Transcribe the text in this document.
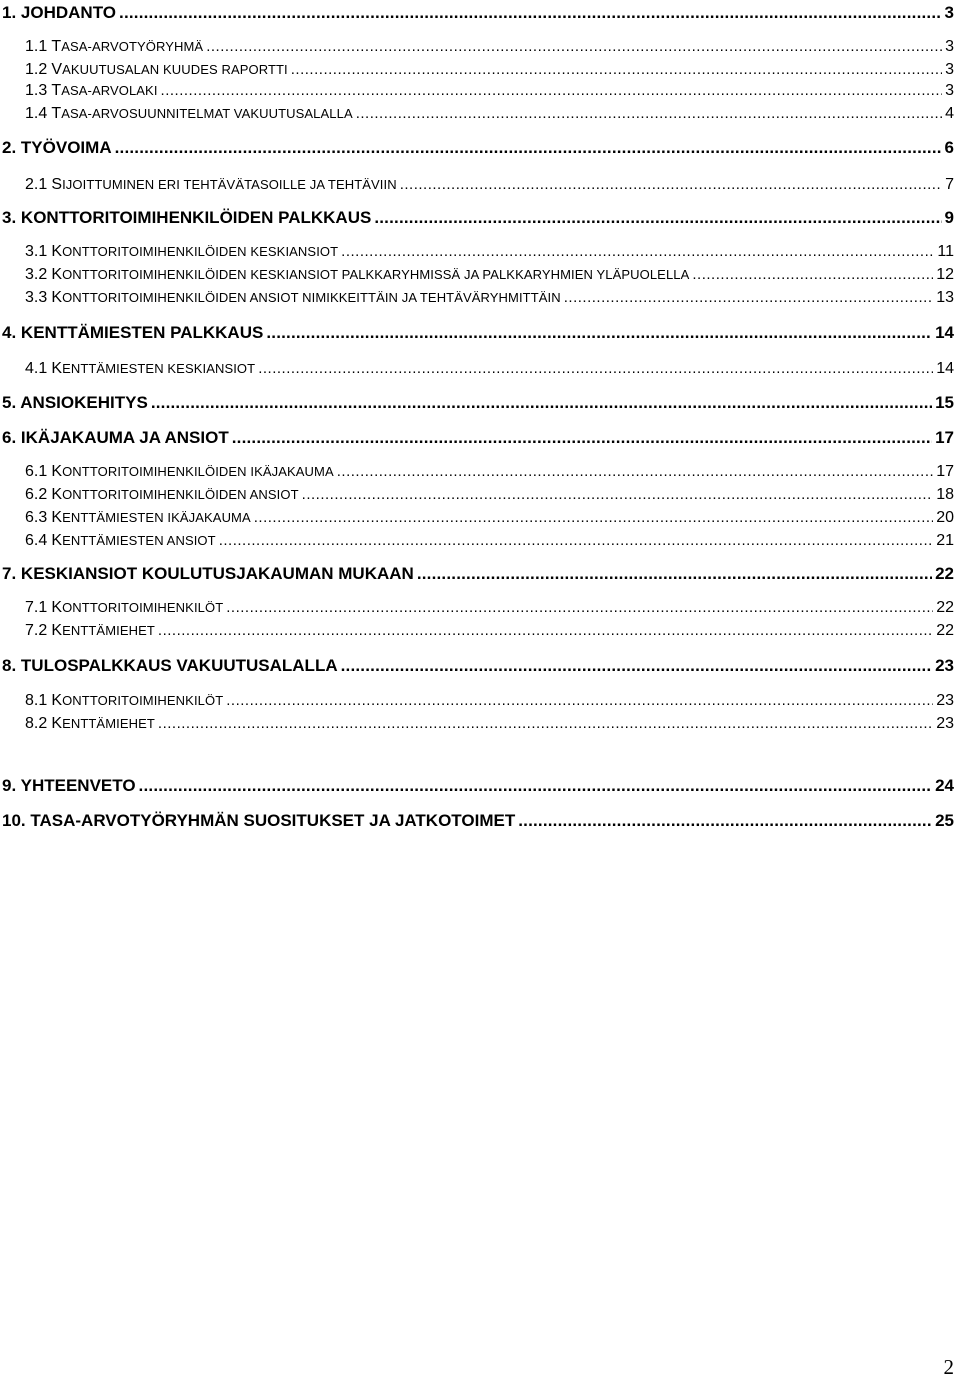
1. JOHDANTO .....	3
1.1 TASA-ARVOTYÖRYHMÄ .....	3
1.2 VAKUUTUSALAN KUUDES RAPORTTI .....	3
1.3 TASA-ARVOLAKI .....	3
1.4 TASA-ARVOSUUNNITELMAT VAKUUTUSALALLA .....	4
2. TYÖVOIMA .....	6
2.1 SIJOITTUMINEN ERI TEHTÄVÄTASOILLE JA TEHTÄVIIN .....	7
3. KONTTORITOIMIHENKILÖIDEN PALKKAUS .....	9
3.1 KONTTORITOIMIHENKILÖIDEN KESKIANSIOT .....	11
3.2 KONTTORITOIMIHENKILÖIDEN KESKIANSIOT PALKKARYHMISSÄ JA PALKKARYHMIEN YLÄPUOLELLA .....	12
3.3 KONTTORITOIMIHENKILÖIDEN ANSIOT NIMIKKEITTÄIN JA TEHTÄVÄRYHMITTÄIN .....	13
4. KENTTÄMIESTEN PALKKAUS .....	14
4.1 KENTTÄMIESTEN KESKIANSIOT .....	14
5. ANSIOKEHITYS .....	15
6. IKÄJAKAUMA JA ANSIOT .....	17
6.1 KONTTORITOIMIHENKILÖIDEN IKÄJAKAUMA .....	17
6.2 KONTTORITOIMIHENKILÖIDEN ANSIOT .....	18
6.3 KENTTÄMIESTEN IKÄJAKAUMA .....	20
6.4 KENTTÄMIESTEN ANSIOT .....	21
7. KESKIANSIOT KOULUTUSJAKAUMAN MUKAAN .....	22
7.1 KONTTORITOIMIHENKILÖT .....	22
7.2 KENTTÄMIEHET .....	22
8. TULOSPALKKAUS VAKUUTUSALALLA .....	23
8.1 KONTTORITOIMIHENKILÖT .....	23
8.2 KENTTÄMIEHET .....	23
9. YHTEENVETO .....	24
10. TASA-ARVOTYÖRYHMÄN SUOSITUKSET JA JATKOTOIMET .....	25
2
